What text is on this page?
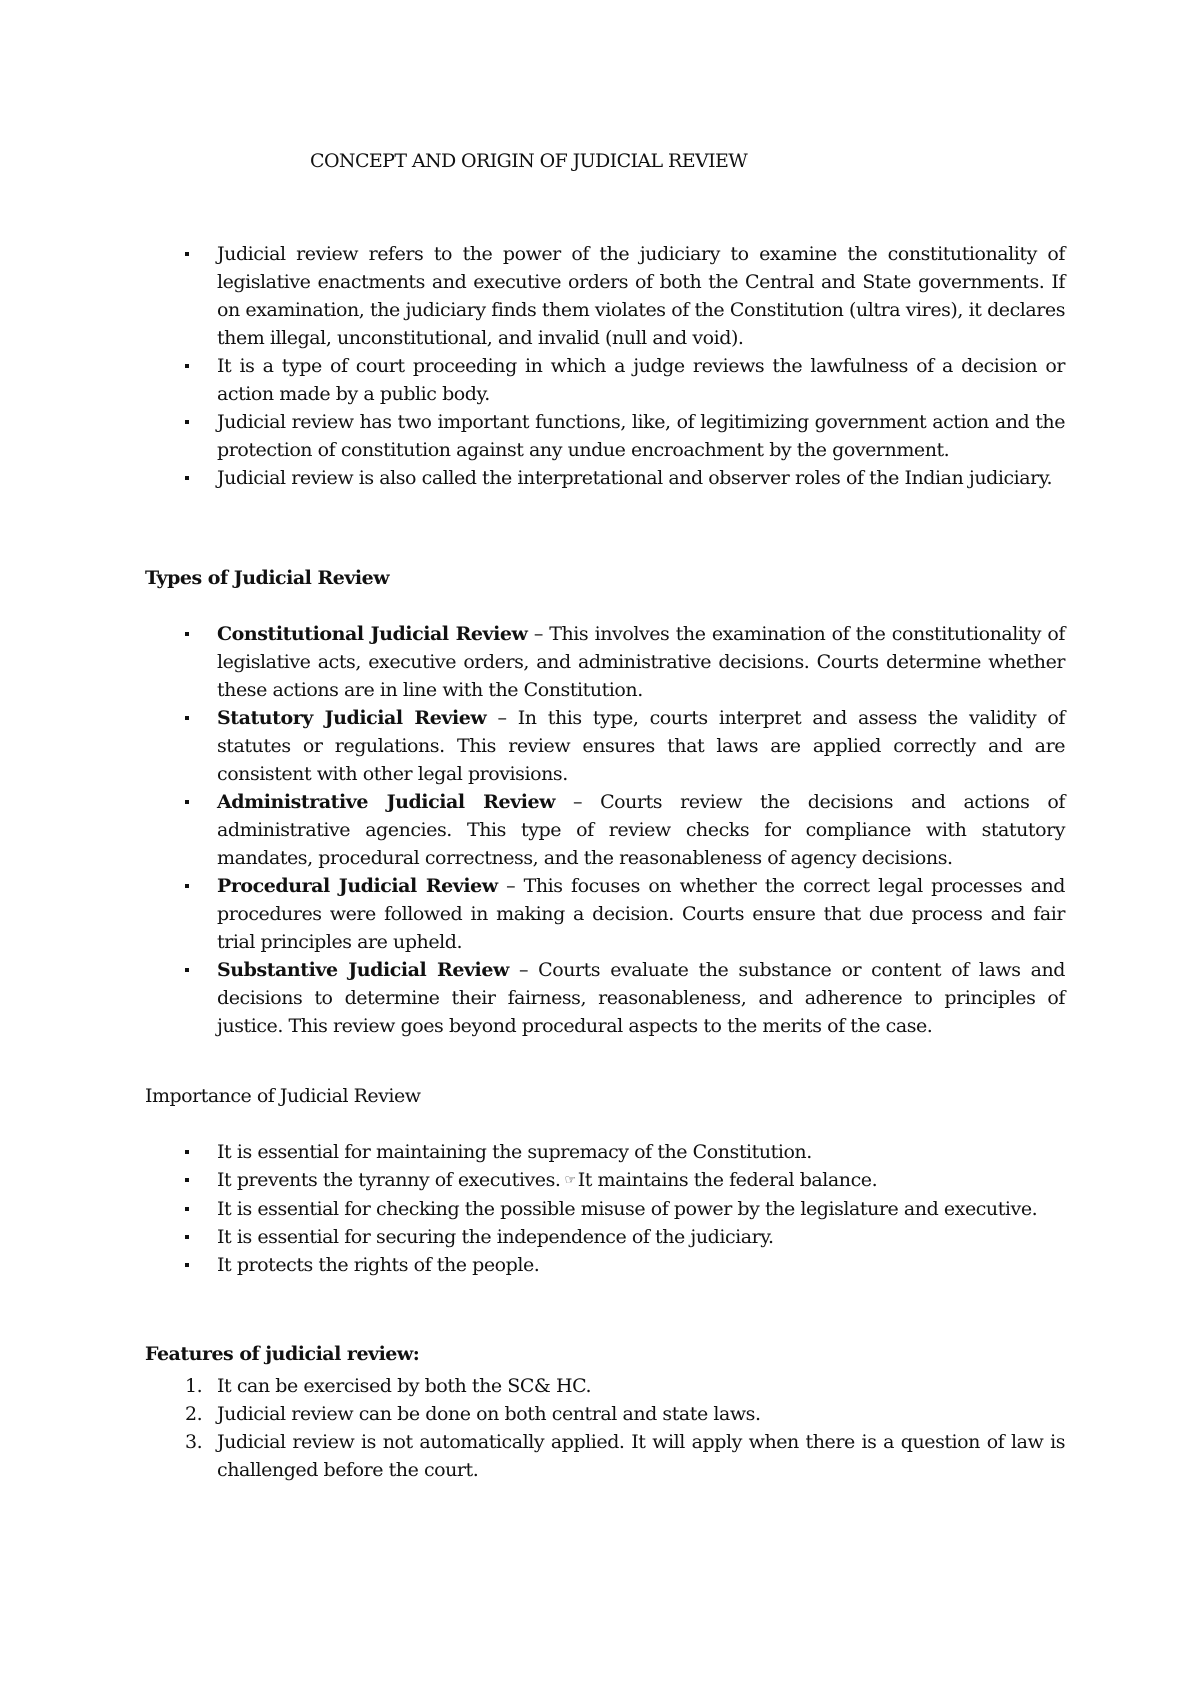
CONCEPT AND ORIGIN OF JUDICIAL REVIEW
Judicial review refers to the power of the judiciary to examine the constitutionality of legislative enactments and executive orders of both the Central and State governments. If on examination, the judiciary finds them violates of the Constitution (ultra vires), it declares them illegal, unconstitutional, and invalid (null and void).
It is a type of court proceeding in which a judge reviews the lawfulness of a decision or action made by a public body.
Judicial review has two important functions, like, of legitimizing government action and the protection of constitution against any undue encroachment by the government.
Judicial review is also called the interpretational and observer roles of the Indian judiciary.
Types of Judicial Review
Constitutional Judicial Review – This involves the examination of the constitutionality of legislative acts, executive orders, and administrative decisions. Courts determine whether these actions are in line with the Constitution.
Statutory Judicial Review – In this type, courts interpret and assess the validity of statutes or regulations. This review ensures that laws are applied correctly and are consistent with other legal provisions.
Administrative Judicial Review – Courts review the decisions and actions of administrative agencies. This type of review checks for compliance with statutory mandates, procedural correctness, and the reasonableness of agency decisions.
Procedural Judicial Review – This focuses on whether the correct legal processes and procedures were followed in making a decision. Courts ensure that due process and fair trial principles are upheld.
Substantive Judicial Review – Courts evaluate the substance or content of laws and decisions to determine their fairness, reasonableness, and adherence to principles of justice. This review goes beyond procedural aspects to the merits of the case.
Importance of Judicial Review
It is essential for maintaining the supremacy of the Constitution.
It prevents the tyranny of executives. ☞ It maintains the federal balance.
It is essential for checking the possible misuse of power by the legislature and executive.
It is essential for securing the independence of the judiciary.
It protects the rights of the people.
Features of judicial review:
1. It can be exercised by both the SC& HC.
2. Judicial review can be done on both central and state laws.
3. Judicial review is not automatically applied. It will apply when there is a question of law is challenged before the court.
